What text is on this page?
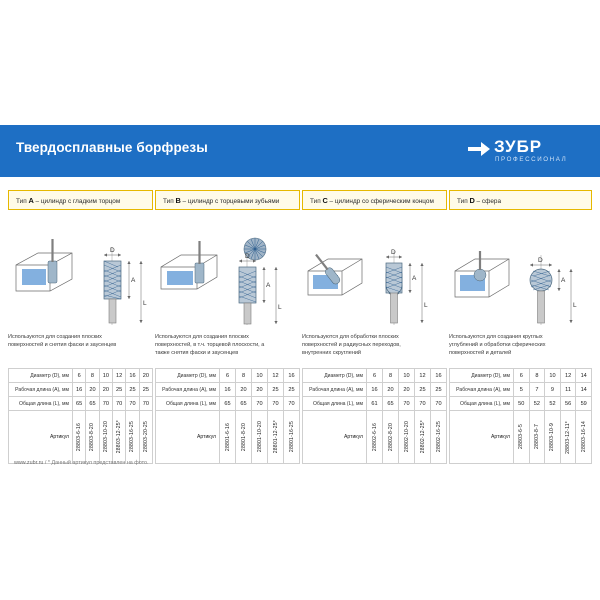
Твердосплавные борфрезы	ЗУБР
ПРОФЕССИОНАЛ
Тип A – цилиндр с гладким торцом	Тип B – цилиндр с торцевыми зубьями	Тип C – цилиндр со сферическим концом	Тип D – сфера
D
A
L
Используются для создания плоских поверхностей и снятия фаски и заусенцев
Диаметр (D), мм	6	8	10	12	16	20
Рабочая длина (А), мм	16	20	20	25	25	25
Общая длина (L), мм	65	65	70	70	70	70
Артикул	28803-6-16	28803-8-20	28803-10-20	28803-12-25*	28803-16-25	28803-20-25
D
A
L
Используются для создания плоских поверхностей, в т.ч. торцевой плоскости, а также снятия фаски и заусенцев
Диаметр (D), мм	6	8	10	12	16
Рабочая длина (А), мм	16	20	20	25	25
Общая длина (L), мм	65	65	70	70	70
Артикул	28801-6-16	28801-8-20	28801-10-20	28801-12-25*	28801-16-25
D
A
L
Используются для обработки плоских поверхностей и радиусных переходов, внутренних скруглений
Диаметр (D), мм	6	8	10	12	16
Рабочая длина (А), мм	16	20	20	25	25
Общая длина (L), мм	61	65	70	70	70
Артикул	28802-6-16	28802-8-20	28802-10-20	28802-12-25*	28802-16-25
D
A
L
Используются для создания круглых углублений и обработки сферических поверхностей и деталей
Диаметр (D), мм	6	8	10	12	14
Рабочая длина (А), мм	5	7	9	11	14
Общая длина (L), мм	50	52	52	56	59
Артикул	28803-6-5	28803-8-7	28803-10-9	28803-12-11*	28803-16-14
www.zubr.ru / * Данный артикул представлен на фото.
